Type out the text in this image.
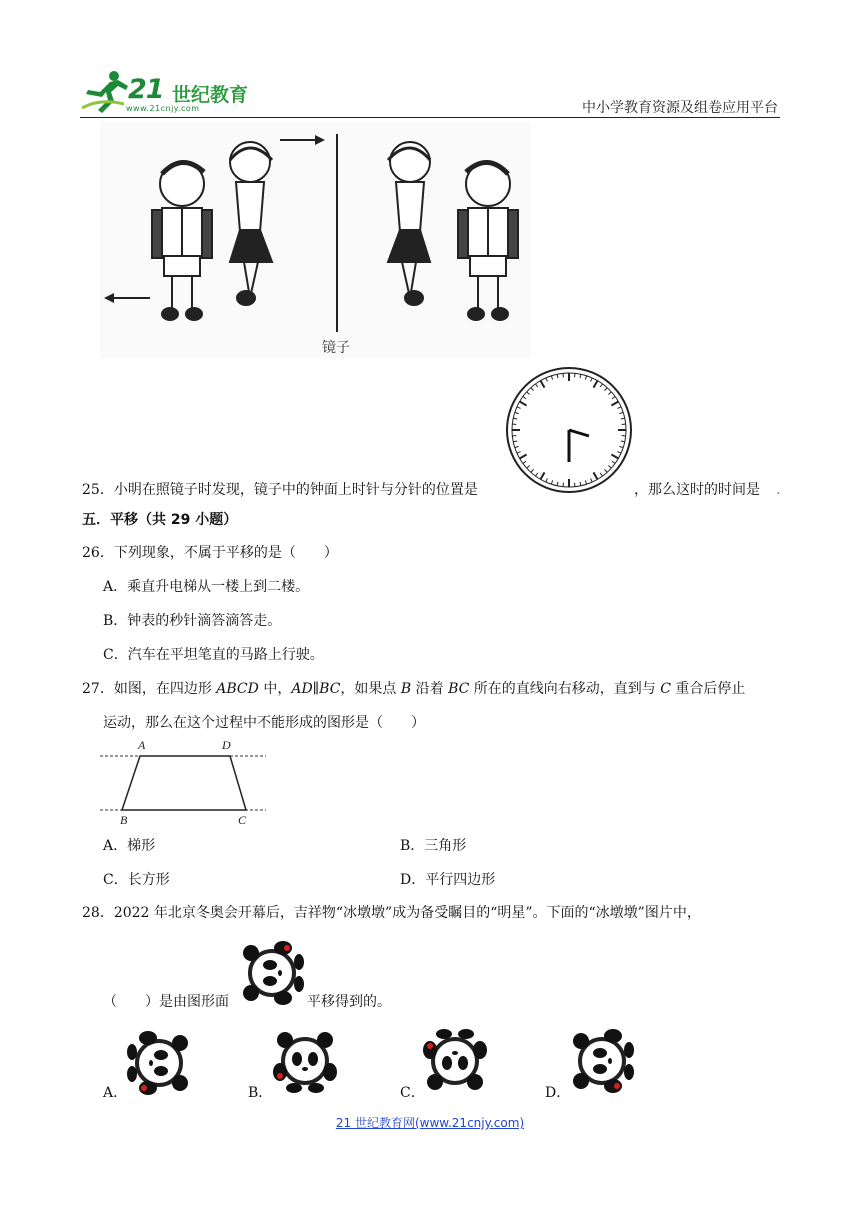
21 世纪教育
www.21cnjy.com	中小学教育资源及组卷应用平台
镜子
25．小明在照镜子时发现，镜子中的钟面上时针与分针的位置是	，那么这时的时间是 .
五．平移（共 29 小题）
26．下列现象，不属于平移的是（　　）
A．乘直升电梯从一楼上到二楼。
B．钟表的秒针滴答滴答走。
C．汽车在平坦笔直的马路上行驶。
27．如图，在四边形 ABCD 中，AD∥BC，如果点 B 沿着 BC 所在的直线向右移动，直到与 C 重合后停止
运动，那么在这个过程中不能形成的图形是（　　）
A	D
B	C
A．梯形	B．三角形
C．长方形	D．平行四边形
28．2022 年北京冬奥会开幕后，吉祥物“冰墩墩”成为备受瞩目的“明星”。下面的“冰墩墩”图片中，
（　　）是由图形面	平移得到的。
A．	B．	C．	D．
21 世纪教育网(www.21cnjy.com)
